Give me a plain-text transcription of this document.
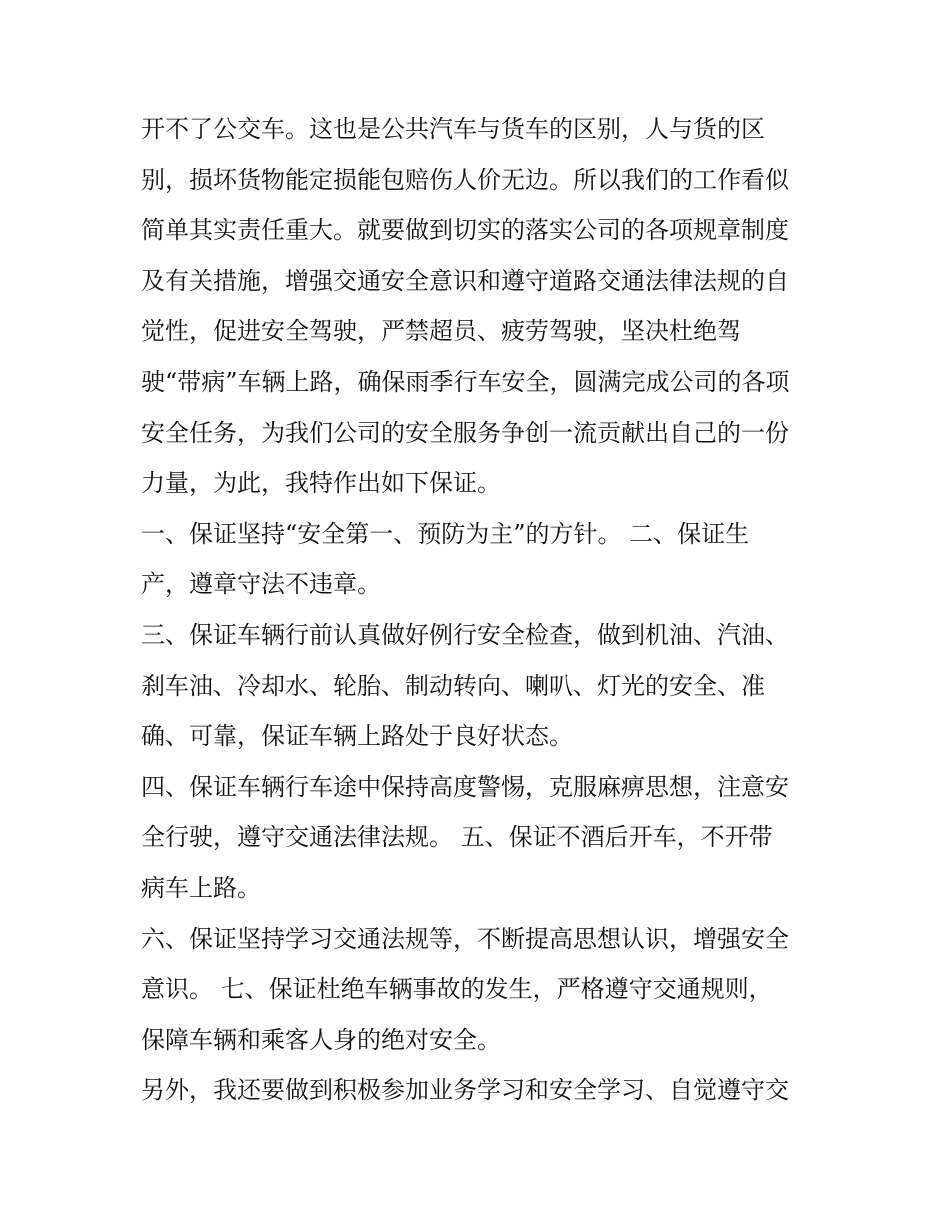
开不了公交车。这也是公共汽车与货车的区别，人与货的区
别，损坏货物能定损能包赔伤人价无边。所以我们的工作看似
简单其实责任重大。就要做到切实的落实公司的各项规章制度
及有关措施，增强交通安全意识和遵守道路交通法律法规的自
觉性，促进安全驾驶，严禁超员、疲劳驾驶，坚决杜绝驾
驶“带病”车辆上路，确保雨季行车安全，圆满完成公司的各项
安全任务，为我们公司的安全服务争创一流贡献出自己的一份
力量，为此，我特作出如下保证。
一、保证坚持“安全第一、预防为主”的方针。 二、保证生
产，遵章守法不违章。
三、保证车辆行前认真做好例行安全检查，做到机油、汽油、
刹车油、冷却水、轮胎、制动转向、喇叭、灯光的安全、准
确、可靠，保证车辆上路处于良好状态。
四、保证车辆行车途中保持高度警惕，克服麻痹思想，注意安
全行驶，遵守交通法律法规。 五、保证不酒后开车，不开带
病车上路。
六、保证坚持学习交通法规等，不断提高思想认识，增强安全
意识。 七、保证杜绝车辆事故的发生，严格遵守交通规则，
保障车辆和乘客人身的绝对安全。
另外，我还要做到积极参加业务学习和安全学习、自觉遵守交
